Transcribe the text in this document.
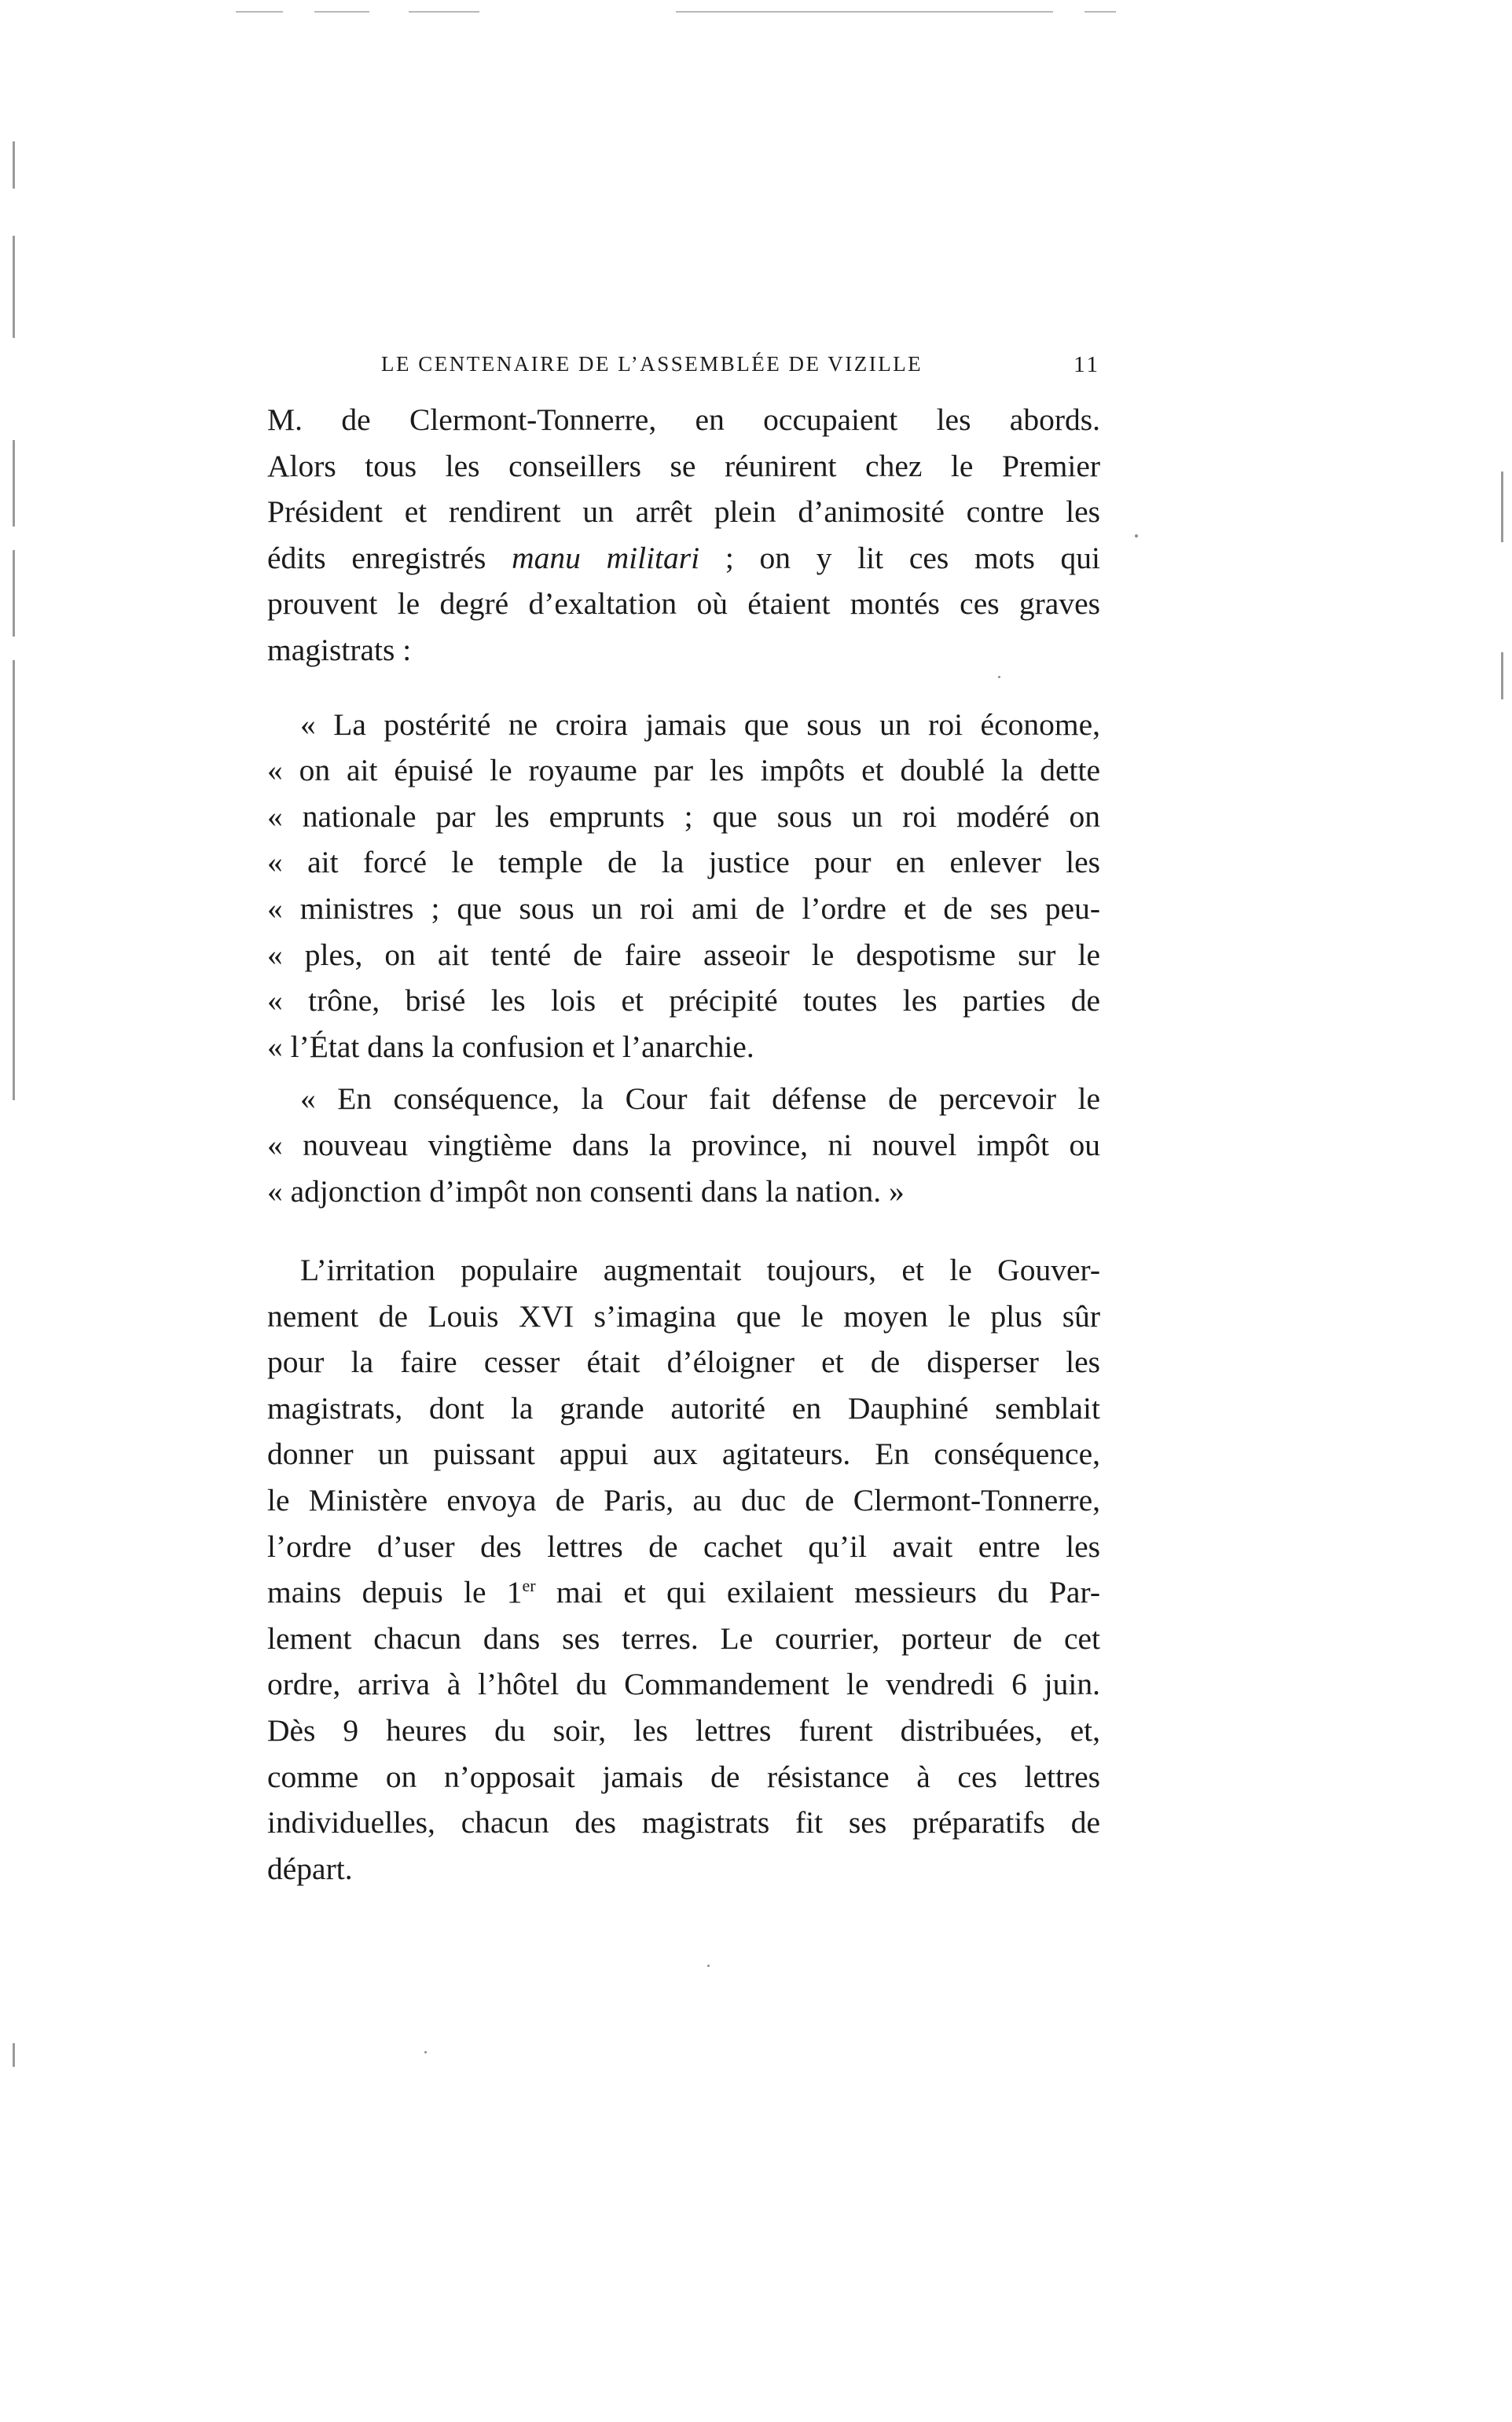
LE CENTENAIRE DE L’ASSEMBLÉE DE VIZILLE	11
M. de Clermont-Tonnerre, en occupaient les abords.
Alors tous les conseillers se réunirent chez le Premier
Président et rendirent un arrêt plein d’animosité contre les
édits enregistrés manu militari ; on y lit ces mots qui
prouvent le degré d’exaltation où étaient montés ces graves
magistrats :
« La postérité ne croira jamais que sous un roi économe,
« on ait épuisé le royaume par les impôts et doublé la dette
« nationale par les emprunts ; que sous un roi modéré on
« ait forcé le temple de la justice pour en enlever les
« ministres ; que sous un roi ami de l’ordre et de ses peu-
« ples, on ait tenté de faire asseoir le despotisme sur le
« trône, brisé les lois et précipité toutes les parties de
« l’État dans la confusion et l’anarchie.
« En conséquence, la Cour fait défense de percevoir le
« nouveau vingtième dans la province, ni nouvel impôt ou
« adjonction d’impôt non consenti dans la nation. »
L’irritation populaire augmentait toujours, et le Gouver-
nement de Louis XVI s’imagina que le moyen le plus sûr
pour la faire cesser était d’éloigner et de disperser les
magistrats, dont la grande autorité en Dauphiné semblait
donner un puissant appui aux agitateurs. En conséquence,
le Ministère envoya de Paris, au duc de Clermont-Tonnerre,
l’ordre d’user des lettres de cachet qu’il avait entre les
mains depuis le 1er mai et qui exilaient messieurs du Par-
lement chacun dans ses terres. Le courrier, porteur de cet
ordre, arriva à l’hôtel du Commandement le vendredi 6 juin.
Dès 9 heures du soir, les lettres furent distribuées, et,
comme on n’opposait jamais de résistance à ces lettres
individuelles, chacun des magistrats fit ses préparatifs de
départ.
